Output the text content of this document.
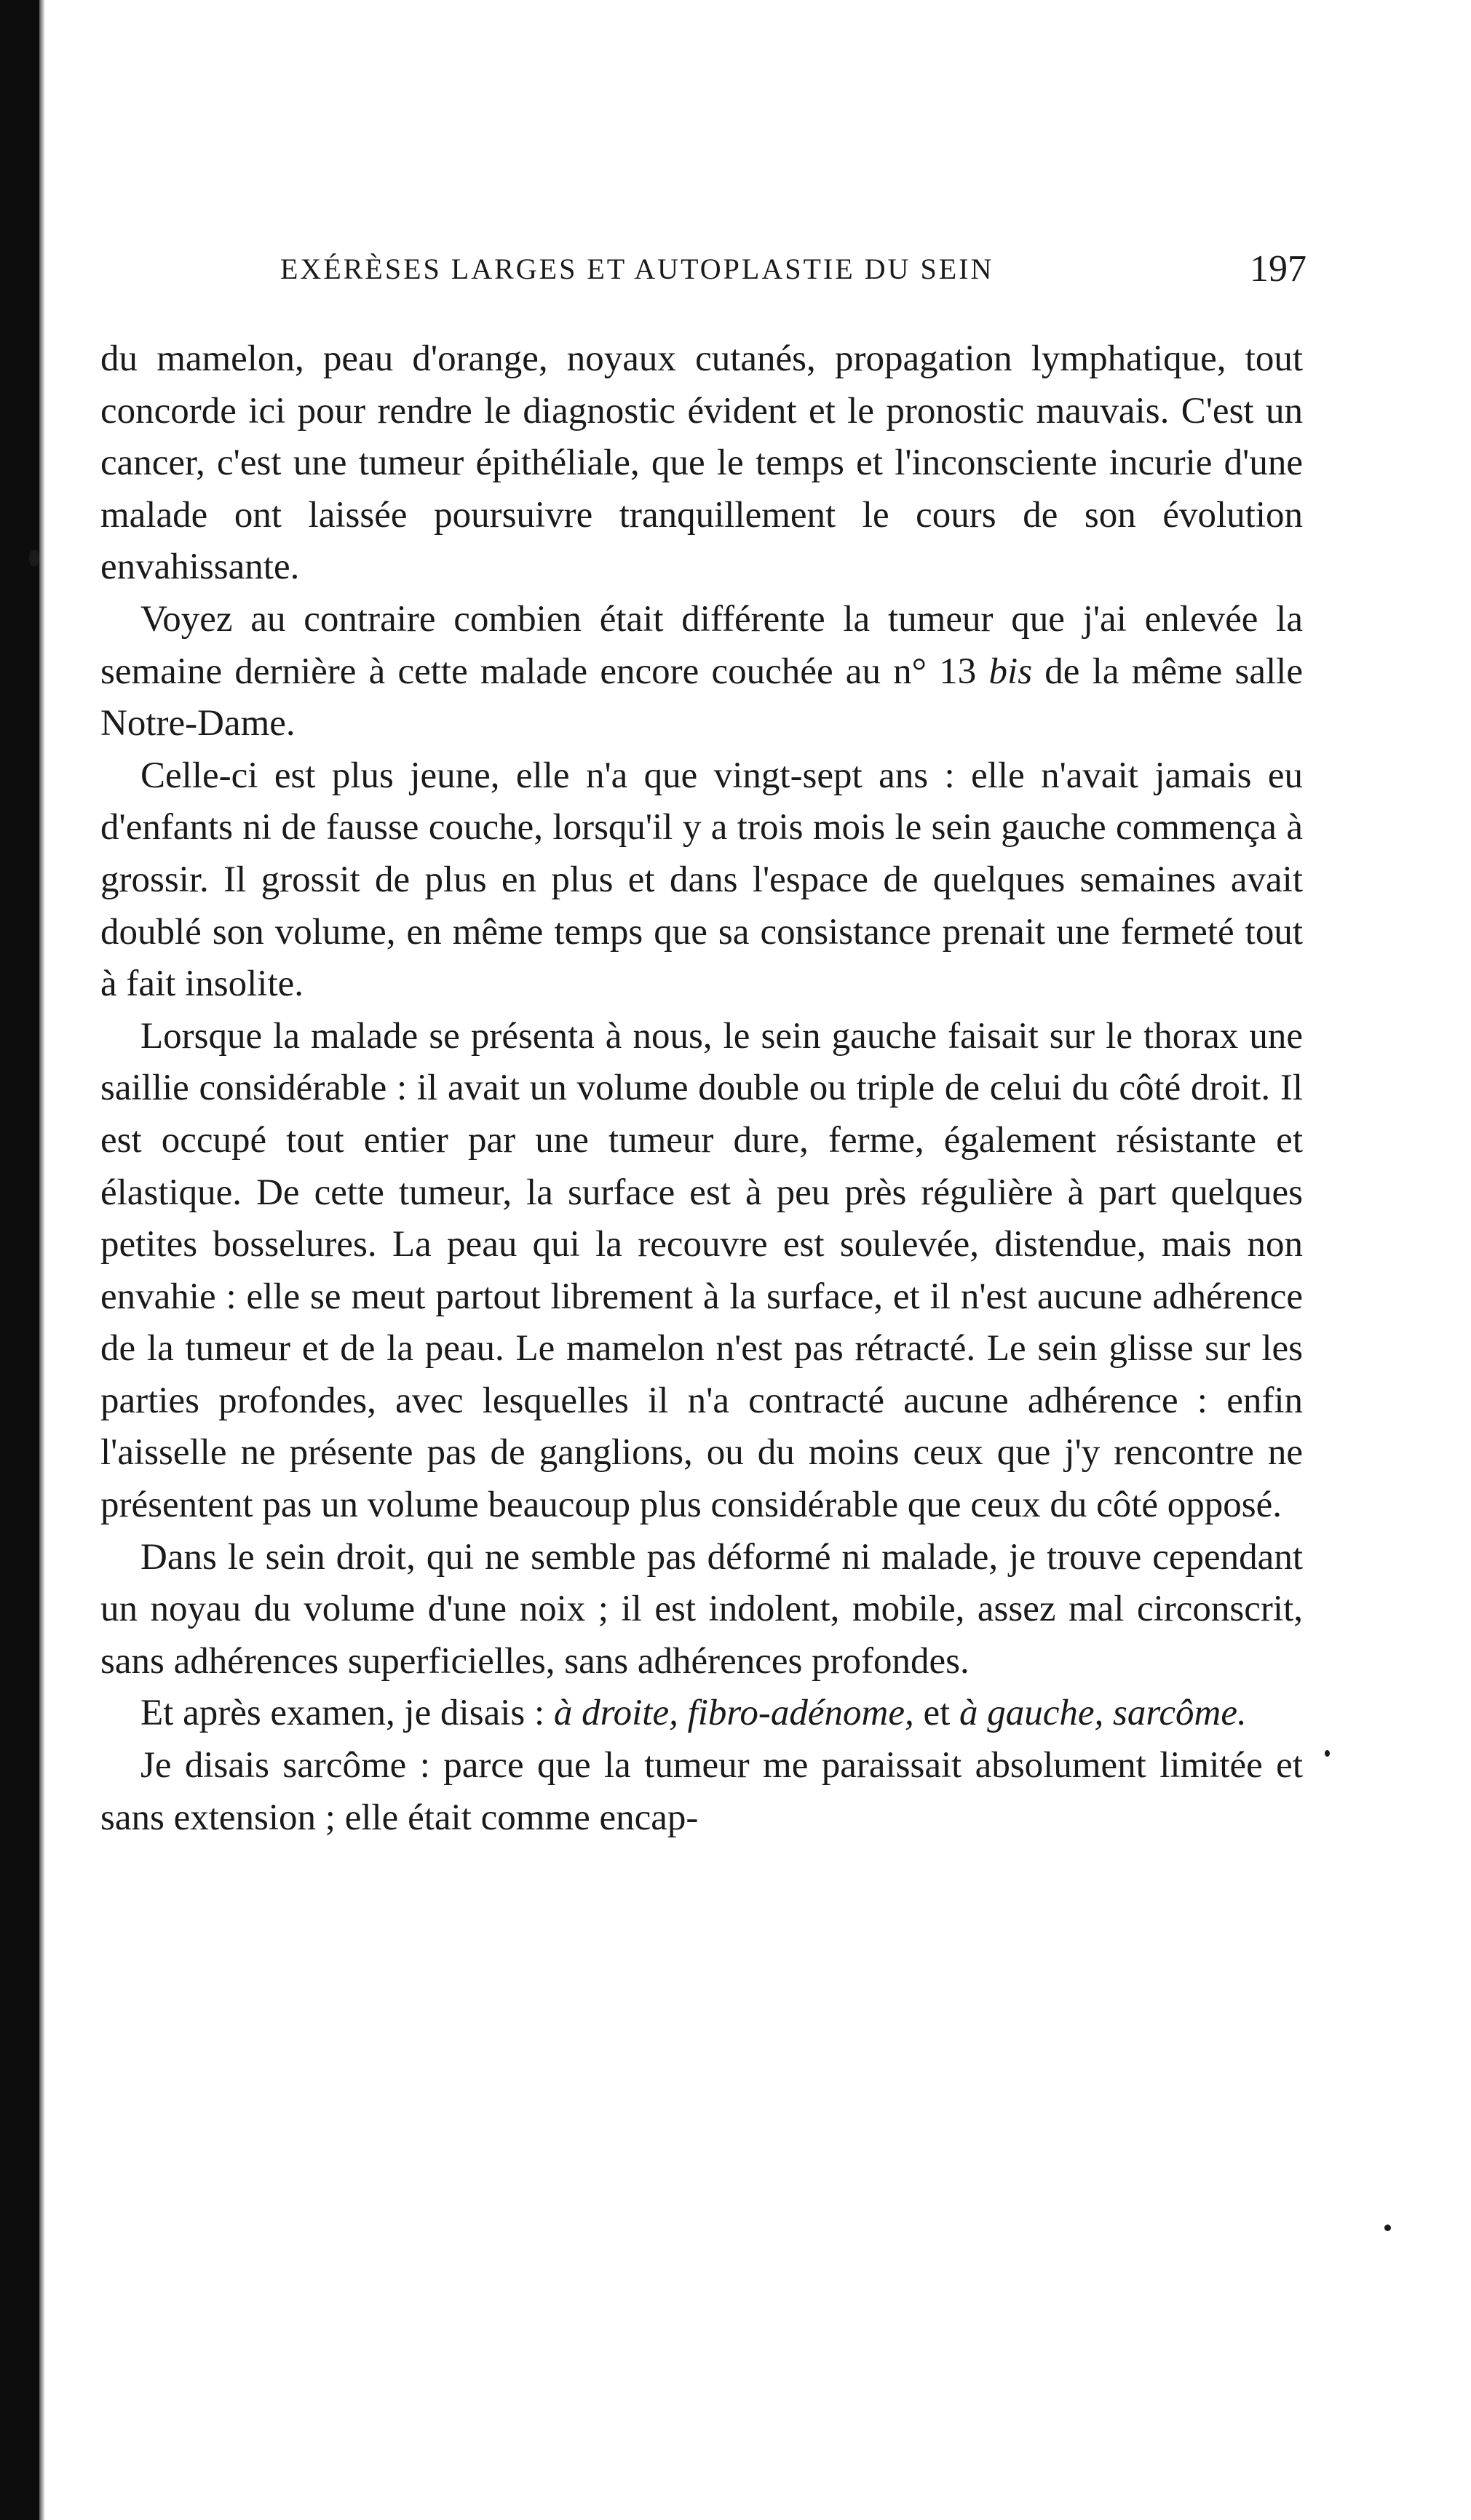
EXÉRÈSES LARGES ET AUTOPLASTIE DU SEIN	197

du mamelon, peau d'orange, noyaux cutanés, propagation lymphatique, tout concorde ici pour rendre le diagnostic évident et le pronostic mauvais. C'est un cancer, c'est une tumeur épithéliale, que le temps et l'inconsciente incurie d'une malade ont laissée poursuivre tranquillement le cours de son évolution envahissante.

Voyez au contraire combien était différente la tumeur que j'ai enlevée la semaine dernière à cette malade encore couchée au n° 13 bis de la même salle Notre-Dame.

Celle-ci est plus jeune, elle n'a que vingt-sept ans : elle n'avait jamais eu d'enfants ni de fausse couche, lorsqu'il y a trois mois le sein gauche commença à grossir. Il grossit de plus en plus et dans l'espace de quelques semaines avait doublé son volume, en même temps que sa consistance prenait une fermeté tout à fait insolite.

Lorsque la malade se présenta à nous, le sein gauche faisait sur le thorax une saillie considérable : il avait un volume double ou triple de celui du côté droit. Il est occupé tout entier par une tumeur dure, ferme, également résistante et élastique. De cette tumeur, la surface est à peu près régulière à part quelques petites bosselures. La peau qui la recouvre est soulevée, distendue, mais non envahie : elle se meut partout librement à la surface, et il n'est aucune adhérence de la tumeur et de la peau. Le mamelon n'est pas rétracté. Le sein glisse sur les parties profondes, avec lesquelles il n'a contracté aucune adhérence : enfin l'aisselle ne présente pas de ganglions, ou du moins ceux que j'y rencontre ne présentent pas un volume beaucoup plus considérable que ceux du côté opposé.

Dans le sein droit, qui ne semble pas déformé ni malade, je trouve cependant un noyau du volume d'une noix ; il est indolent, mobile, assez mal circonscrit, sans adhérences superficielles, sans adhérences profondes.

Et après examen, je disais : à droite, fibro-adénome, et à gauche, sarcôme.

Je disais sarcôme : parce que la tumeur me paraissait absolument limitée et sans extension ; elle était comme encap-
